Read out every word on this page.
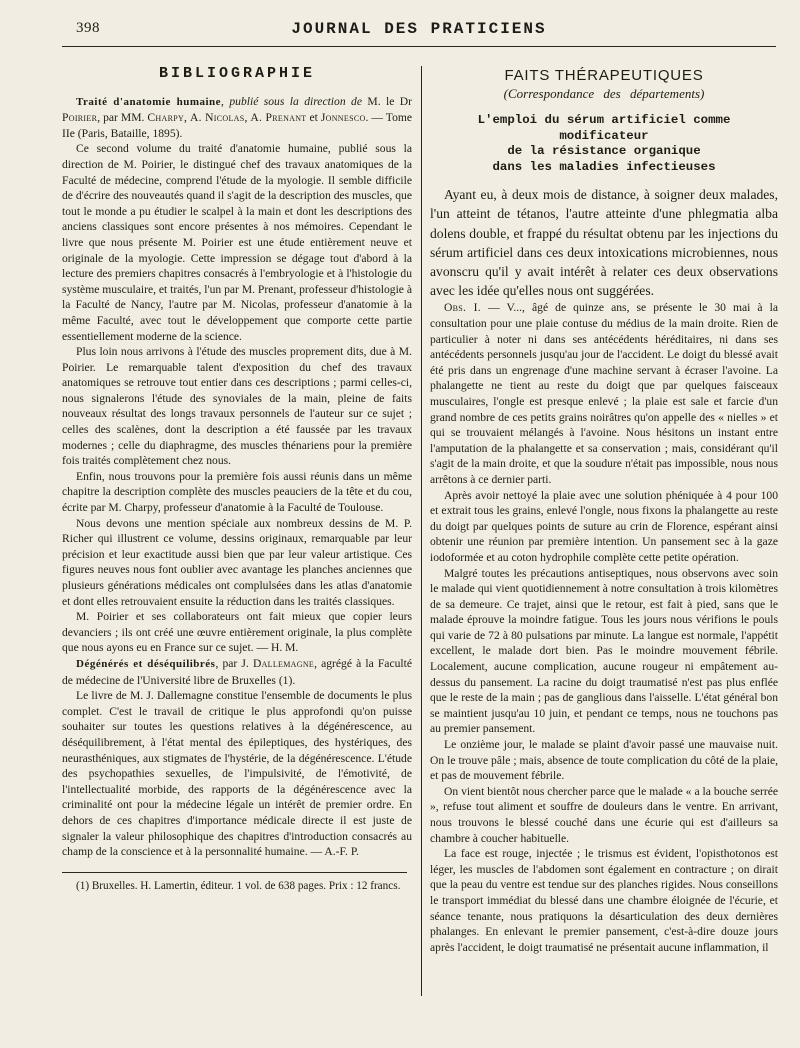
398	JOURNAL DES PRATICIENS
BIBLIOGRAPHIE

Traité d'anatomie humaine, publié sous la direction de M. le Dr Poirier, par MM. Charpy, A. Nicolas, A. Prenant et Jonnesco. — Tome IIe (Paris, Bataille, 1895).

Ce second volume du traité d'anatomie humaine, publié sous la direction de M. Poirier, le distingué chef des travaux anatomiques de la Faculté de médecine, comprend l'étude de la myologie. Il semble difficile de d'écrire des nouveautés quand il s'agit de la description des muscles, que tout le monde a pu étudier le scalpel à la main et dont les descriptions des anciens classiques sont encore présentes à nos mémoires. Cependant le livre que nous présente M. Poirier est une étude entièrement neuve et originale de la myologie. Cette impression se dégage tout d'abord à la lecture des premiers chapitres consacrés à l'embryologie et à l'histologie du système musculaire, et traités, l'un par M. Prenant, professeur d'histologie à la Faculté de Nancy, l'autre par M. Nicolas, professeur d'anatomie à la même Faculté, avec tout le développement que comporte cette partie essentiellement moderne de la science.

Plus loin nous arrivons à l'étude des muscles proprement dits, due à M. Poirier. Le remarquable talent d'exposition du chef des travaux anatomiques se retrouve tout entier dans ces descriptions ; parmi celles-ci, nous signalerons l'étude des synoviales de la main, pleine de faits nouveaux résultat des longs travaux personnels de l'auteur sur ce sujet ; celles des scalènes, dont la description a été faussée par les travaux modernes ; celle du diaphragme, des muscles thénariens pour la première fois traités complètement chez nous.

Enfin, nous trouvons pour la première fois aussi réunis dans un même chapitre la description complète des muscles peauciers de la tête et du cou, écrite par M. Charpy, professeur d'anatomie à la Faculté de Toulouse.

Nous devons une mention spéciale aux nombreux dessins de M. P. Richer qui illustrent ce volume, dessins originaux, remarquable par leur précision et leur exactitude aussi bien que par leur valeur artistique. Ces figures neuves nous font oublier avec avantage les planches anciennes que plusieurs générations médicales ont complulsées dans les atlas d'anatomie et dont elles retrouvaient ensuite la réduction dans les traités classiques.

M. Poirier et ses collaborateurs ont fait mieux que copier leurs devanciers ; ils ont créé une œuvre entièrement originale, la plus complète que nous ayons eu en France sur ce sujet. — H. M.

Dégénérés et déséquilibrés, par J. Dallemagne, agrégé à la Faculté de médecine de l'Université libre de Bruxelles (1).

Le livre de M. J. Dallemagne constitue l'ensemble de documents le plus complet. C'est le travail de critique le plus approfondi qu'on puisse souhaiter sur toutes les questions relatives à la dégénérescence, au déséquilibrement, à l'état mental des épileptiques, des hystériques, des neurasthéniques, aux stigmates de l'hystérie, de la dégénérescence. L'étude des psychopathies sexuelles, de l'impulsivité, de l'émotivité, de l'intellectualité morbide, des rapports de la dégénérescence avec la criminalité ont pour la médecine légale un intérêt de premier ordre. En dehors de ces chapitres d'importance médicale directe il est juste de signaler la valeur philosophique des chapitres d'introduction consacrés au champ de la conscience et à la personnalité humaine. — A.-F. P.

(1) Bruxelles. H. Lamertin, éditeur. 1 vol. de 638 pages. Prix : 12 francs.

FAITS THÉRAPEUTIQUES
(Correspondance des départements)
L'emploi du sérum artificiel comme modificateur
de la résistance organique
dans les maladies infectieuses

Ayant eu, à deux mois de distance, à soigner deux malades, l'un atteint de tétanos, l'autre atteinte d'une phlegmatia alba dolens double, et frappé du résultat obtenu par les injections du sérum artificiel dans ces deux intoxications microbiennes, nous avonscru qu'il y avait intérêt à relater ces deux observations avec les idée qu'elles nous ont suggérées.

Obs. I. — V..., âgé de quinze ans, se présente le 30 mai à la consultation pour une plaie contuse du médius de la main droite. Rien de particulier à noter ni dans ses antécédents héréditaires, ni dans ses antécédents personnels jusqu'au jour de l'accident. Le doigt du blessé avait été pris dans un engrenage d'une machine servant à écraser l'avoine. La phalangette ne tient au reste du doigt que par quelques faisceaux musculaires, l'ongle est presque enlevé ; la plaie est sale et farcie d'un grand nombre de ces petits grains noirâtres qu'on appelle des « nielles » et qui se trouvaient mélangés à l'avoine. Nous hésitons un instant entre l'amputation de la phalangette et sa conservation ; mais, considérant qu'il s'agit de la main droite, et que la soudure n'était pas impossible, nous nous arrêtons à ce dernier parti.

Après avoir nettoyé la plaie avec une solution phéniquée à 4 pour 100 et extrait tous les grains, enlevé l'ongle, nous fixons la phalangette au reste du doigt par quelques points de suture au crin de Florence, espérant ainsi obtenir une réunion par première intention. Un pansement sec à la gaze iodoformée et au coton hydrophile complète cette petite opération.

Malgré toutes les précautions antiseptiques, nous observons avec soin le malade qui vient quotidiennement à notre consultation à trois kilomètres de sa demeure. Ce trajet, ainsi que le retour, est fait à pied, sans que le malade éprouve la moindre fatigue. Tous les jours nous vérifions le pouls qui varie de 72 à 80 pulsations par minute. La langue est normale, l'appétit excellent, le malade dort bien. Pas le moindre mouvement fébrile. Localement, aucune complication, aucune rougeur ni empâtement au-dessus du pansement. La racine du doigt traumatisé n'est pas plus enflée que le reste de la main ; pas de ganglious dans l'aisselle. L'état général bon se maintient jusqu'au 10 juin, et pendant ce temps, nous ne touchons pas au premier pansement.

Le onzième jour, le malade se plaint d'avoir passé une mauvaise nuit. On le trouve pâle ; mais, absence de toute complication du côté de la plaie, et pas de mouvement fébrile.

On vient bientôt nous chercher parce que le malade « a la bouche serrée », refuse tout aliment et souffre de douleurs dans le ventre. En arrivant, nous trouvons le blessé couché dans une écurie qui est d'ailleurs sa chambre à coucher habituelle.

La face est rouge, injectée ; le trismus est évident, l'opisthotonos est léger, les muscles de l'abdomen sont également en contracture ; on dirait que la peau du ventre est tendue sur des planches rigides. Nous conseillons le transport immédiat du blessé dans une chambre éloignée de l'écurie, et séance tenante, nous pratiquons la désarticulation des deux dernières phalanges. En enlevant le premier pansement, c'est-à-dire douze jours après l'accident, le doigt traumatisé ne présentait aucune inflammation, il
